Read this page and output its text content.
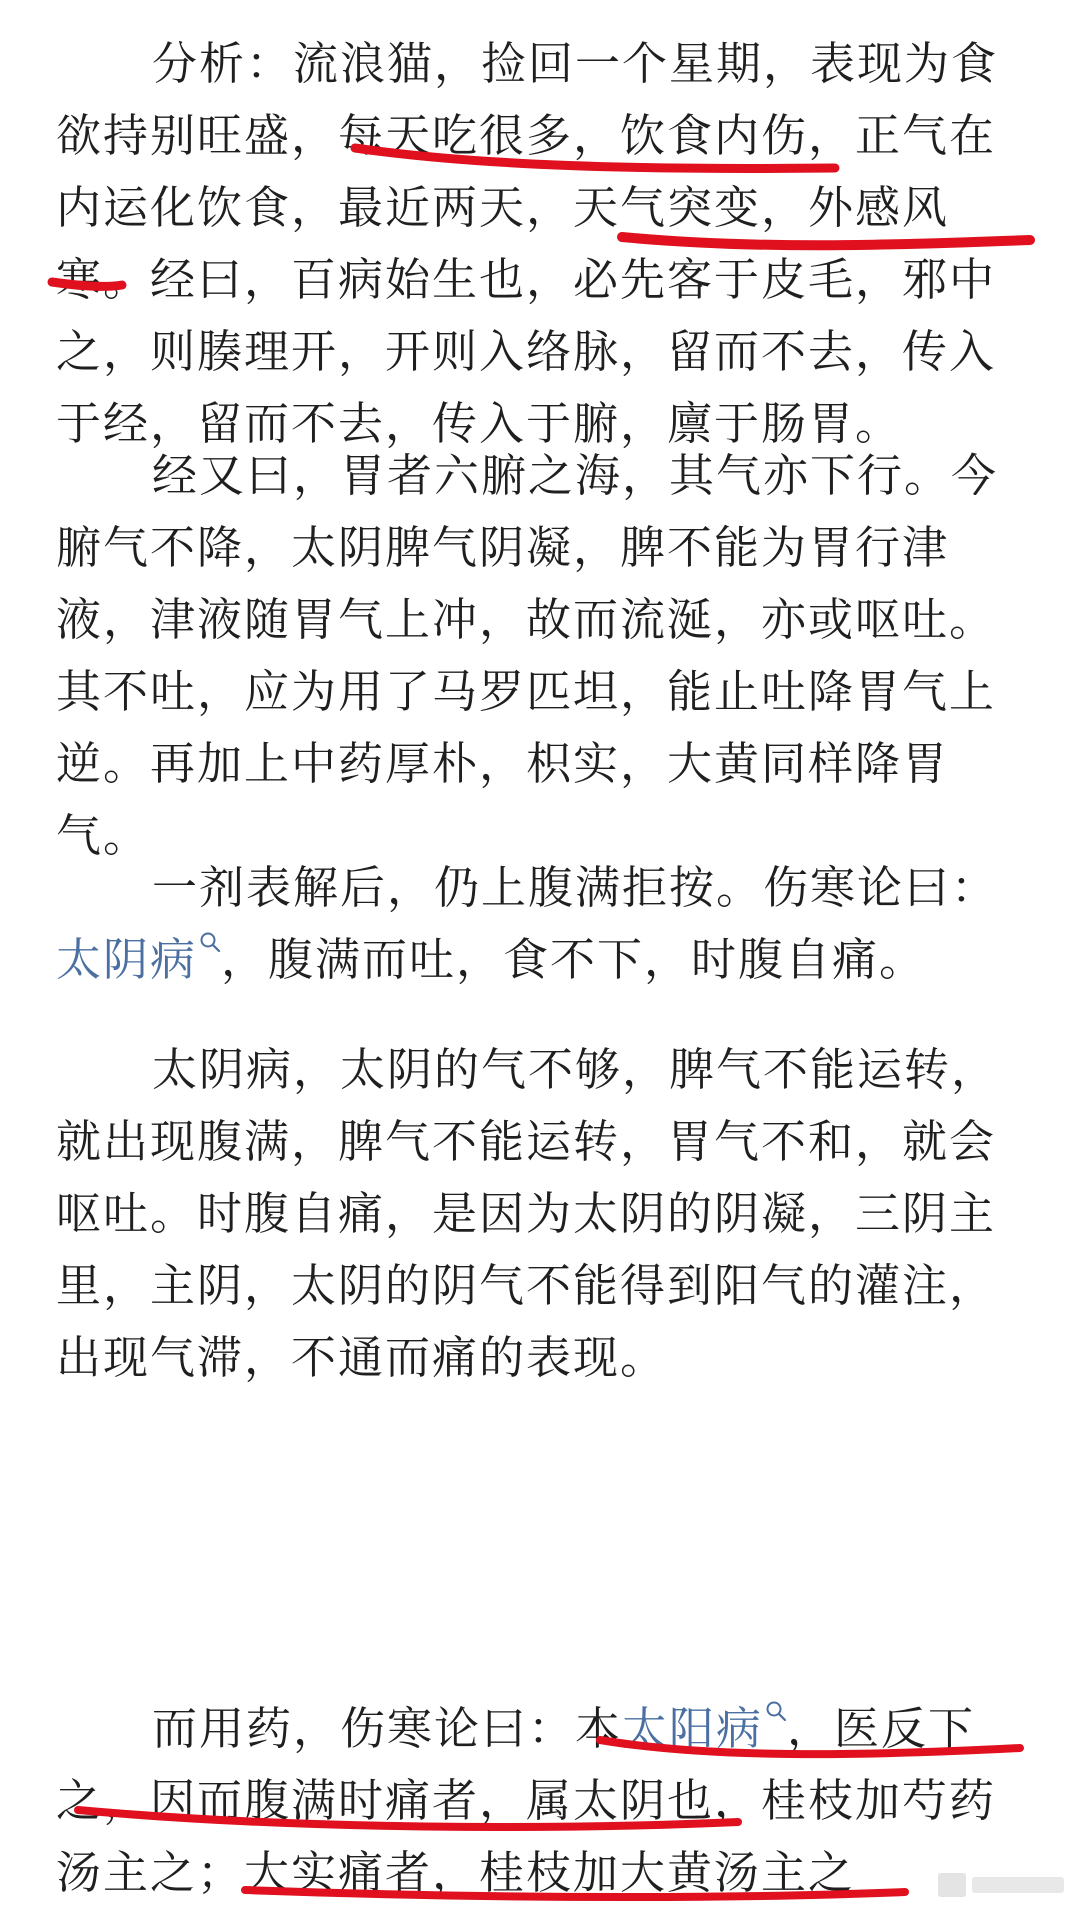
分析：流浪猫，捡回一个星期，表现为食
欲持别旺盛，每天吃很多，饮食内伤，正气在
内运化饮食，最近两天，天气突变，外感风
寒。经曰，百病始生也，必先客于皮毛，邪中
之，则腠理开，开则入络脉，留而不去，传入
于经，留而不去，传入于腑，廪于肠胃。
经又曰，胃者六腑之海，其气亦下行。今
腑气不降，太阴脾气阴凝，脾不能为胃行津
液，津液随胃气上冲，故而流涎，亦或呕吐。
其不吐，应为用了马罗匹坦，能止吐降胃气上
逆。再加上中药厚朴，枳实，大黄同样降胃
气。
一剂表解后，仍上腹满拒按。伤寒论曰：
太阴病 ，腹满而吐，食不下，时腹自痛。
太阴病，太阴的气不够，脾气不能运转，
就出现腹满，脾气不能运转，胃气不和，就会
呕吐。时腹自痛，是因为太阴的阴凝，三阴主
里，主阴，太阴的阴气不能得到阳气的灌注，
出现气滞，不通而痛的表现。
而用药，伤寒论曰：本太阳病 ，医反下
之，因而腹满时痛者，属太阴也，桂枝加芍药
汤主之；大实痛者，桂枝加大黄汤主之
